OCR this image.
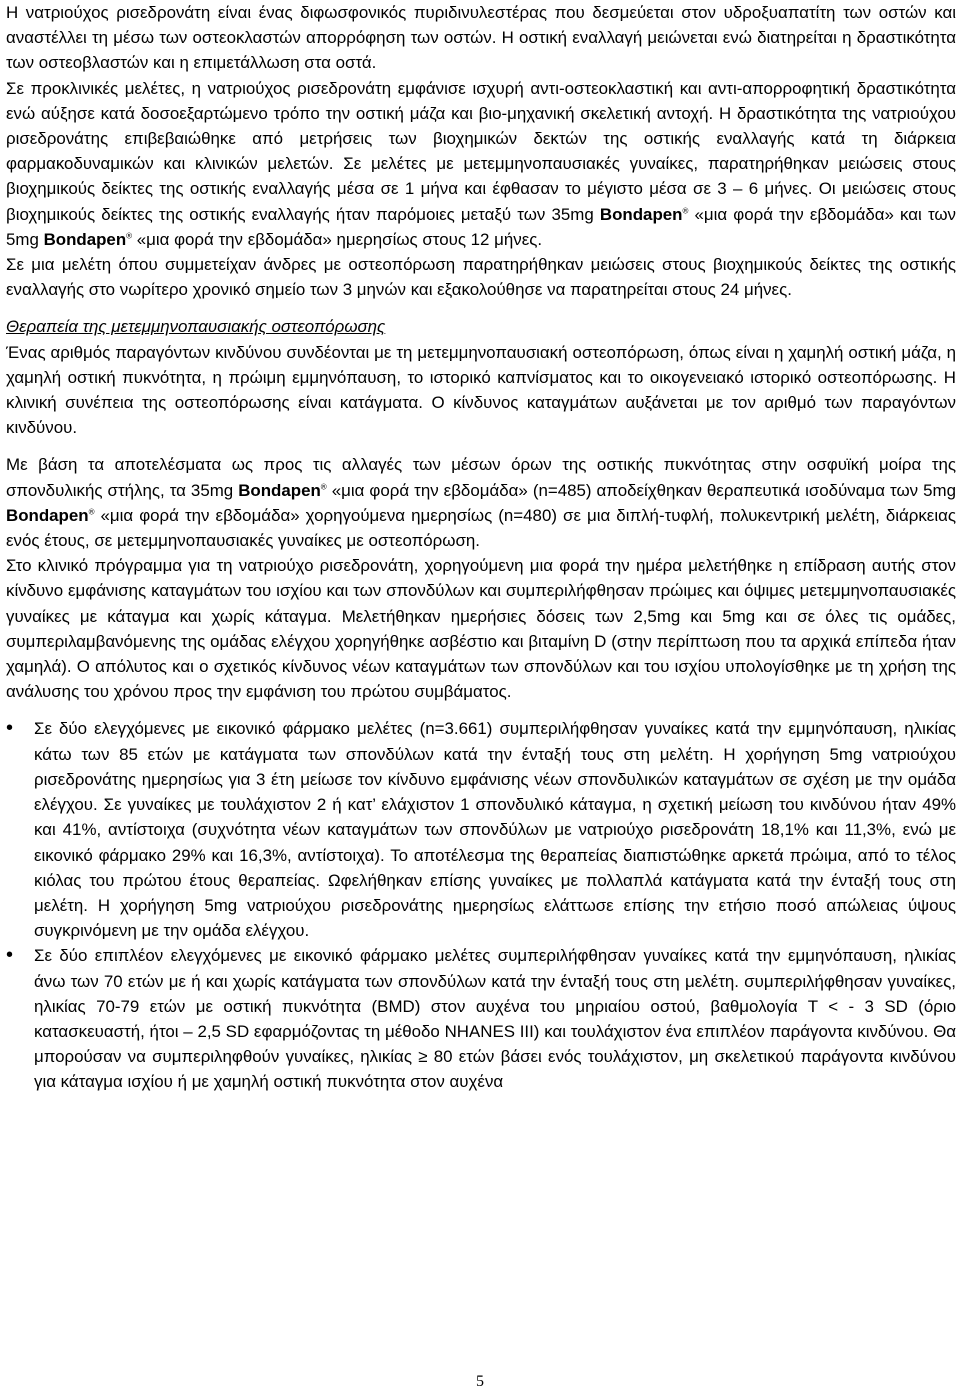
Η νατριούχος ρισεδρονάτη είναι ένας διφωσφονικός πυριδινυλεστέρας που δεσμεύεται στον υδροξυαπατίτη των οστών και αναστέλλει τη μέσω των οστεοκλαστών απορρόφηση των οστών. Η οστική εναλλαγή μειώνεται ενώ διατηρείται η δραστικότητα των οστεοβλαστών και η επιμετάλλωση στα οστά.

Σε προκλινικές μελέτες, η νατριούχος ρισεδρονάτη εμφάνισε ισχυρή αντι-οστεοκλαστική και αντι-απορροφητική δραστικότητα ενώ αύξησε κατά δοσοεξαρτώμενο τρόπο την οστική μάζα και βιο-μηχανική σκελετική αντοχή. Η δραστικότητα της νατριούχου ρισεδρονάτης επιβεβαιώθηκε από μετρήσεις των βιοχημικών δεκτών της οστικής εναλλαγής κατά τη διάρκεια φαρμακοδυναμικών και κλινικών μελετών. Σε μελέτες με μετεμμηνοπαυσιακές γυναίκες, παρατηρήθηκαν μειώσεις στους βιοχημικούς δείκτες της οστικής εναλλαγής μέσα σε 1 μήνα και έφθασαν το μέγιστο μέσα σε 3 – 6 μήνες. Οι μειώσεις στους βιοχημικούς δείκτες της οστικής εναλλαγής ήταν παρόμοιες μεταξύ των 35mg Bondapen® «μια φορά την εβδομάδα» και των 5mg Bondapen® «μια φορά την εβδομάδα» ημερησίως στους 12 μήνες.

Σε μια μελέτη όπου συμμετείχαν άνδρες με οστεοπόρωση παρατηρήθηκαν μειώσεις στους βιοχημικούς δείκτες της οστικής εναλλαγής στο νωρίτερο χρονικό σημείο των 3 μηνών και εξακολούθησε να παρατηρείται στους 24 μήνες.

Θεραπεία της μετεμμηνοπαυσιακής οστεοπόρωσης

Ένας αριθμός παραγόντων κινδύνου συνδέονται με τη μετεμμηνοπαυσιακή οστεοπόρωση, όπως είναι η χαμηλή οστική μάζα, η χαμηλή οστική πυκνότητα, η πρώιμη εμμηνόπαυση, το ιστορικό καπνίσματος και το οικογενειακό ιστορικό οστεοπόρωσης. Η κλινική συνέπεια της οστεοπόρωσης είναι κατάγματα. Ο κίνδυνος καταγμάτων αυξάνεται με τον αριθμό των παραγόντων κινδύνου.

Με βάση τα αποτελέσματα ως προς τις αλλαγές των μέσων όρων της οστικής πυκνότητας στην οσφυϊκή μοίρα της σπονδυλικής στήλης, τα 35mg Bondapen® «μια φορά την εβδομάδα» (n=485) αποδείχθηκαν θεραπευτικά ισοδύναμα των 5mg Bondapen® «μια φορά την εβδομάδα» χορηγούμενα ημερησίως (n=480) σε μια διπλή-τυφλή, πολυκεντρική μελέτη, διάρκειας ενός έτους, σε μετεμμηνοπαυσιακές γυναίκες με οστεοπόρωση.

Στο κλινικό πρόγραμμα για τη νατριούχο ρισεδρονάτη, χορηγούμενη μια φορά την ημέρα μελετήθηκε η επίδραση αυτής στον κίνδυνο εμφάνισης καταγμάτων του ισχίου και των σπονδύλων και συμπεριλήφθησαν πρώιμες και όψιμες μετεμμηνοπαυσιακές γυναίκες με κάταγμα και χωρίς κάταγμα. Μελετήθηκαν ημερήσιες δόσεις των 2,5mg και 5mg και σε όλες τις ομάδες, συμπεριλαμβανόμενης της ομάδας ελέγχου χορηγήθηκε ασβέστιο και βιταμίνη D (στην περίπτωση που τα αρχικά επίπεδα ήταν χαμηλά). Ο απόλυτος και ο σχετικός κίνδυνος νέων καταγμάτων των σπονδύλων και του ισχίου υπολογίσθηκε με τη χρήση της ανάλυσης του χρόνου προς την εμφάνιση του πρώτου συμβάματος.

• Σε δύο ελεγχόμενες με εικονικό φάρμακο μελέτες (n=3.661) συμπεριλήφθησαν γυναίκες κατά την εμμηνόπαυση, ηλικίας κάτω των 85 ετών με κατάγματα των σπονδύλων κατά την ένταξή τους στη μελέτη. Η χορήγηση 5mg νατριούχου ρισεδρονάτης ημερησίως για 3 έτη μείωσε τον κίνδυνο εμφάνισης νέων σπονδυλικών καταγμάτων σε σχέση με την ομάδα ελέγχου. Σε γυναίκες με τουλάχιστον 2 ή κατ’ ελάχιστον 1 σπονδυλικό κάταγμα, η σχετική μείωση του κινδύνου ήταν 49% και 41%, αντίστοιχα (συχνότητα νέων καταγμάτων των σπονδύλων με νατριούχο ρισεδρονάτη 18,1% και 11,3%, ενώ με εικονικό φάρμακο 29% και 16,3%, αντίστοιχα). Το αποτέλεσμα της θεραπείας διαπιστώθηκε αρκετά πρώιμα, από το τέλος κιόλας του πρώτου έτους θεραπείας. Ωφελήθηκαν επίσης γυναίκες με πολλαπλά κατάγματα κατά την ένταξή τους στη μελέτη. Η χορήγηση 5mg νατριούχου ρισεδρονάτης ημερησίως ελάττωσε επίσης την ετήσιο ποσό απώλειας ύψους συγκρινόμενη με την ομάδα ελέγχου.
• Σε δύο επιπλέον ελεγχόμενες με εικονικό φάρμακο μελέτες συμπεριλήφθησαν γυναίκες κατά την εμμηνόπαυση, ηλικίας άνω των 70 ετών με ή και χωρίς κατάγματα των σπονδύλων κατά την ένταξή τους στη μελέτη. συμπεριλήφθησαν γυναίκες, ηλικίας 70-79 ετών με οστική πυκνότητα (BMD) στον αυχένα του μηριαίου οστού, βαθμολογία Τ < - 3 SD (όριο κατασκευαστή, ήτοι – 2,5 SD εφαρμόζοντας τη μέθοδο NHANES III) και τουλάχιστον ένα επιπλέον παράγοντα κινδύνου. Θα μπορούσαν να συμπεριληφθούν γυναίκες, ηλικίας ≥ 80 ετών βάσει ενός τουλάχιστον, μη σκελετικού παράγοντα κινδύνου για κάταγμα ισχίου ή με χαμηλή οστική πυκνότητα στον αυχένα
5
